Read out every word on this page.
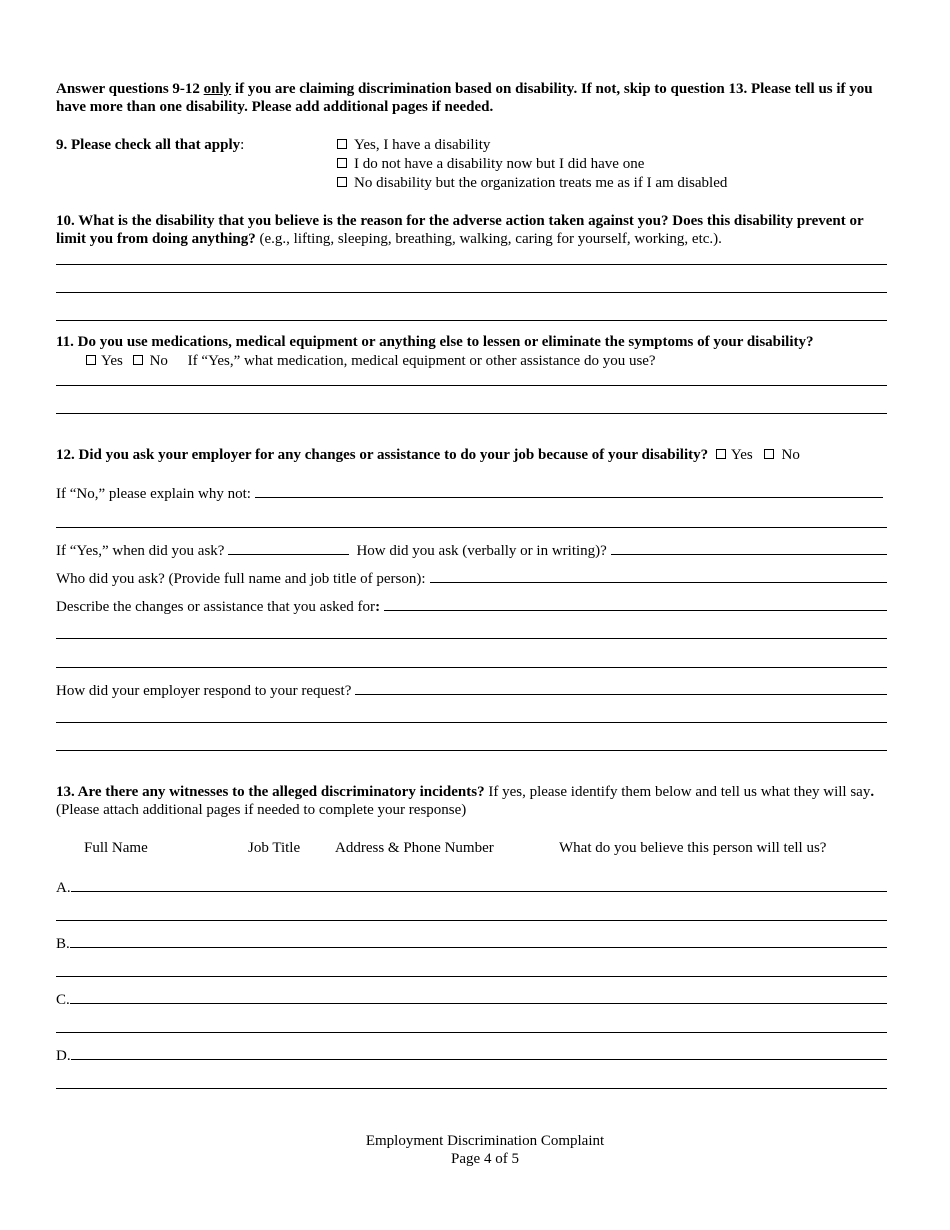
Answer questions 9-12 only if you are claiming discrimination based on disability. If not, skip to question 13. Please tell us if you have more than one disability. Please add additional pages if needed.
9. Please check all that apply:	Yes, I have a disability
I do not have a disability now but I did have one
No disability but the organization treats me as if I am disabled
10. What is the disability that you believe is the reason for the adverse action taken against you? Does this disability prevent or limit you from doing anything? (e.g., lifting, sleeping, breathing, walking, caring for yourself, working, etc.).
11. Do you use medications, medical equipment or anything else to lessen or eliminate the symptoms of your disability?
Yes No If “Yes,” what medication, medical equipment or other assistance do you use?
12. Did you ask your employer for any changes or assistance to do your job because of your disability? Yes No
If “No,” please explain why not:
If “Yes,” when did you ask?	How did you ask (verbally or in writing)?
Who did you ask? (Provide full name and job title of person):
Describe the changes or assistance that you asked for :
How did your employer respond to your request?
13. Are there any witnesses to the alleged discriminatory incidents? If yes, please identify them below and tell us what they will say. (Please attach additional pages if needed to complete your response)
Full Name	Job Title Address & Phone Number	What do you believe this person will tell us?
A.
B.
C.
D.
Employment Discrimination Complaint
Page 4 of 5
